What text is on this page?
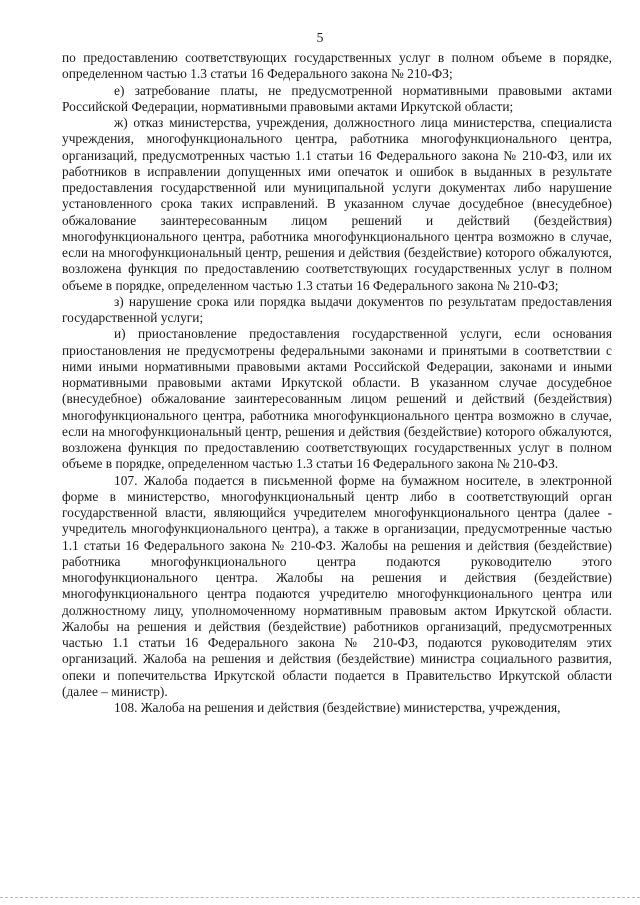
5

по предоставлению соответствующих государственных услуг в полном объеме в порядке, определенном частью 1.3 статьи 16 Федерального закона № 210-ФЗ;

е) затребование платы, не предусмотренной нормативными правовыми актами Российской Федерации, нормативными правовыми актами Иркутской области;

ж) отказ министерства, учреждения, должностного лица министерства, специалиста учреждения, многофункционального центра, работника многофункционального центра, организаций, предусмотренных частью 1.1 статьи 16 Федерального закона № 210-ФЗ, или их работников в исправлении допущенных ими опечаток и ошибок в выданных в результате предоставления государственной или муниципальной услуги документах либо нарушение установленного срока таких исправлений. В указанном случае досудебное (внесудебное) обжалование заинтересованным лицом решений и действий (бездействия) многофункционального центра, работника многофункционального центра возможно в случае, если на многофункциональный центр, решения и действия (бездействие) которого обжалуются, возложена функция по предоставлению соответствующих государственных услуг в полном объеме в порядке, определенном частью 1.3 статьи 16 Федерального закона № 210-ФЗ;

з) нарушение срока или порядка выдачи документов по результатам предоставления государственной услуги;

и) приостановление предоставления государственной услуги, если основания приостановления не предусмотрены федеральными законами и принятыми в соответствии с ними иными нормативными правовыми актами Российской Федерации, законами и иными нормативными правовыми актами Иркутской области. В указанном случае досудебное (внесудебное) обжалование заинтересованным лицом решений и действий (бездействия) многофункционального центра, работника многофункционального центра возможно в случае, если на многофункциональный центр, решения и действия (бездействие) которого обжалуются, возложена функция по предоставлению соответствующих государственных услуг в полном объеме в порядке, определенном частью 1.3 статьи 16 Федерального закона № 210-ФЗ.

107. Жалоба подается в письменной форме на бумажном носителе, в электронной форме в министерство, многофункциональный центр либо в соответствующий орган государственной власти, являющийся учредителем многофункционального центра (далее - учредитель многофункционального центра), а также в организации, предусмотренные частью 1.1 статьи 16 Федерального закона № 210-ФЗ. Жалобы на решения и действия (бездействие) работника многофункционального центра подаются руководителю этого многофункционального центра. Жалобы на решения и действия (бездействие) многофункционального центра подаются учредителю многофункционального центра или должностному лицу, уполномоченному нормативным правовым актом Иркутской области. Жалобы на решения и действия (бездействие) работников организаций, предусмотренных частью 1.1 статьи 16 Федерального закона № 210-ФЗ, подаются руководителям этих организаций. Жалоба на решения и действия (бездействие) министра социального развития, опеки и попечительства Иркутской области подается в Правительство Иркутской области (далее – министр).

108. Жалоба на решения и действия (бездействие) министерства, учреждения,
